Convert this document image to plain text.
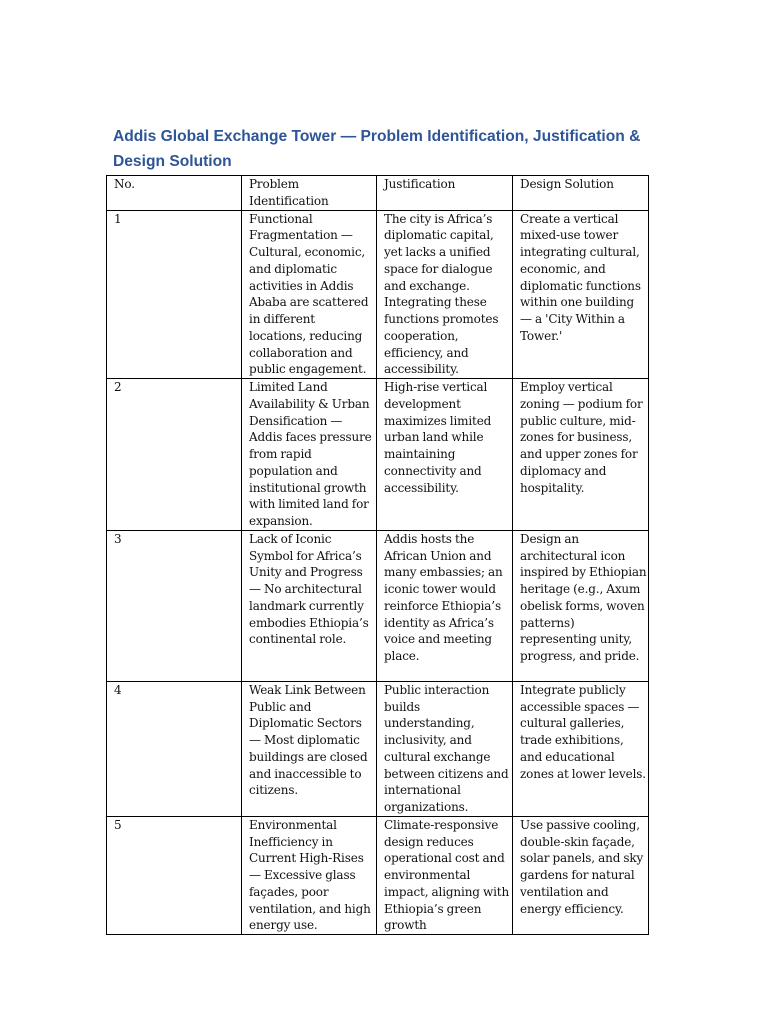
Addis Global Exchange Tower — Problem Identification, Justification & Design Solution
No.	Problem Identification	Justification	Design Solution
1	Functional Fragmentation — Cultural, economic, and diplomatic activities in Addis Ababa are scattered in different locations, reducing collaboration and public engagement.	The city is Africa’s diplomatic capital, yet lacks a unified space for dialogue and exchange. Integrating these functions promotes cooperation, efficiency, and accessibility.	Create a vertical mixed-use tower integrating cultural, economic, and diplomatic functions within one building — a 'City Within a Tower.'
2	Limited Land Availability & Urban Densification — Addis faces pressure from rapid population and institutional growth with limited land for expansion.	High-rise vertical development maximizes limited urban land while maintaining connectivity and accessibility.	Employ vertical zoning — podium for public culture, mid-zones for business, and upper zones for diplomacy and hospitality.
3	Lack of Iconic Symbol for Africa’s Unity and Progress — No architectural landmark currently embodies Ethiopia’s continental role.	Addis hosts the African Union and many embassies; an iconic tower would reinforce Ethiopia’s identity as Africa’s voice and meeting place.	Design an architectural icon inspired by Ethiopian heritage (e.g., Axum obelisk forms, woven patterns) representing unity, progress, and pride.
4	Weak Link Between Public and Diplomatic Sectors — Most diplomatic buildings are closed and inaccessible to citizens.	Public interaction builds understanding, inclusivity, and cultural exchange between citizens and international organizations.	Integrate publicly accessible spaces — cultural galleries, trade exhibitions, and educational zones at lower levels.
5	Environmental Inefficiency in Current High-Rises — Excessive glass façades, poor ventilation, and high energy use.	Climate-responsive design reduces operational cost and environmental impact, aligning with Ethiopia’s green growth	Use passive cooling, double-skin façade, solar panels, and sky gardens for natural ventilation and energy efficiency.
